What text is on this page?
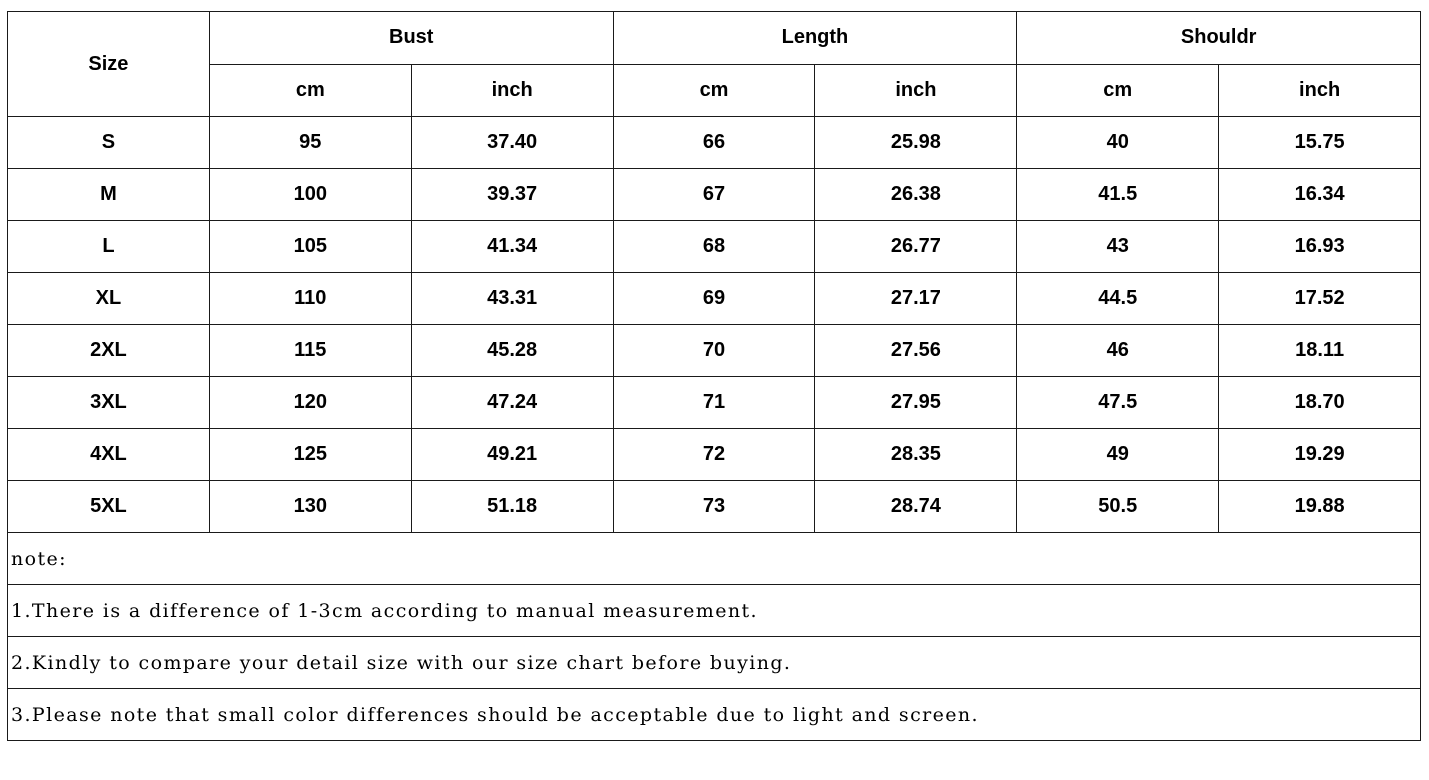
Size	Bust		Length		Shouldr	
	cm	inch	cm	inch	cm	inch
S	95	37.40	66	25.98	40	15.75
M	100	39.37	67	26.38	41.5	16.34
L	105	41.34	68	26.77	43	16.93
XL	110	43.31	69	27.17	44.5	17.52
2XL	115	45.28	70	27.56	46	18.11
3XL	120	47.24	71	27.95	47.5	18.70
4XL	125	49.21	72	28.35	49	19.29
5XL	130	51.18	73	28.74	50.5	19.88
note:						
1.There is a difference of 1-3cm according to manual measurement.						
2.Kindly to compare your detail size with our size chart before buying.						
3.Please note that small color differences should be acceptable due to light and screen.						
